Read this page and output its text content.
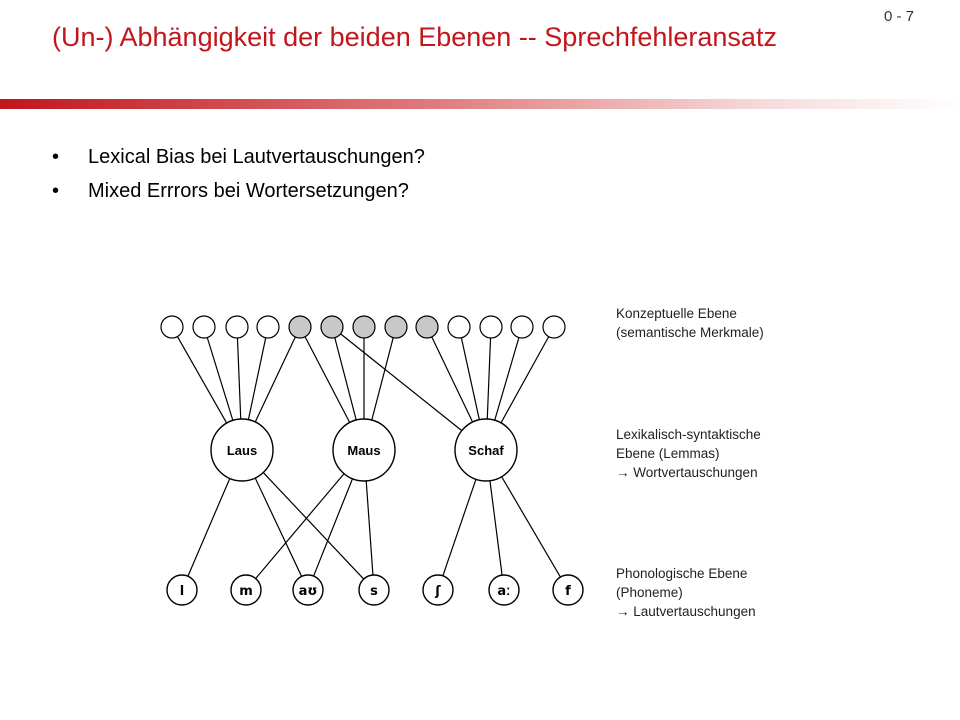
0 - 7
(Un-) Abhängigkeit der beiden Ebenen -- Sprechfehleransatz
• Lexical Bias bei Lautvertauschungen?
• Mixed Errrors bei Wortersetzungen?
Laus	Maus	Schaf
l	m	aʊ	s	ʃ	aː	f
Konzeptuelle Ebene
(semantische Merkmale)
Lexikalisch-syntaktische
Ebene (Lemmas)
→ Wortvertauschungen
Phonologische Ebene
(Phoneme)
→ Lautvertauschungen
